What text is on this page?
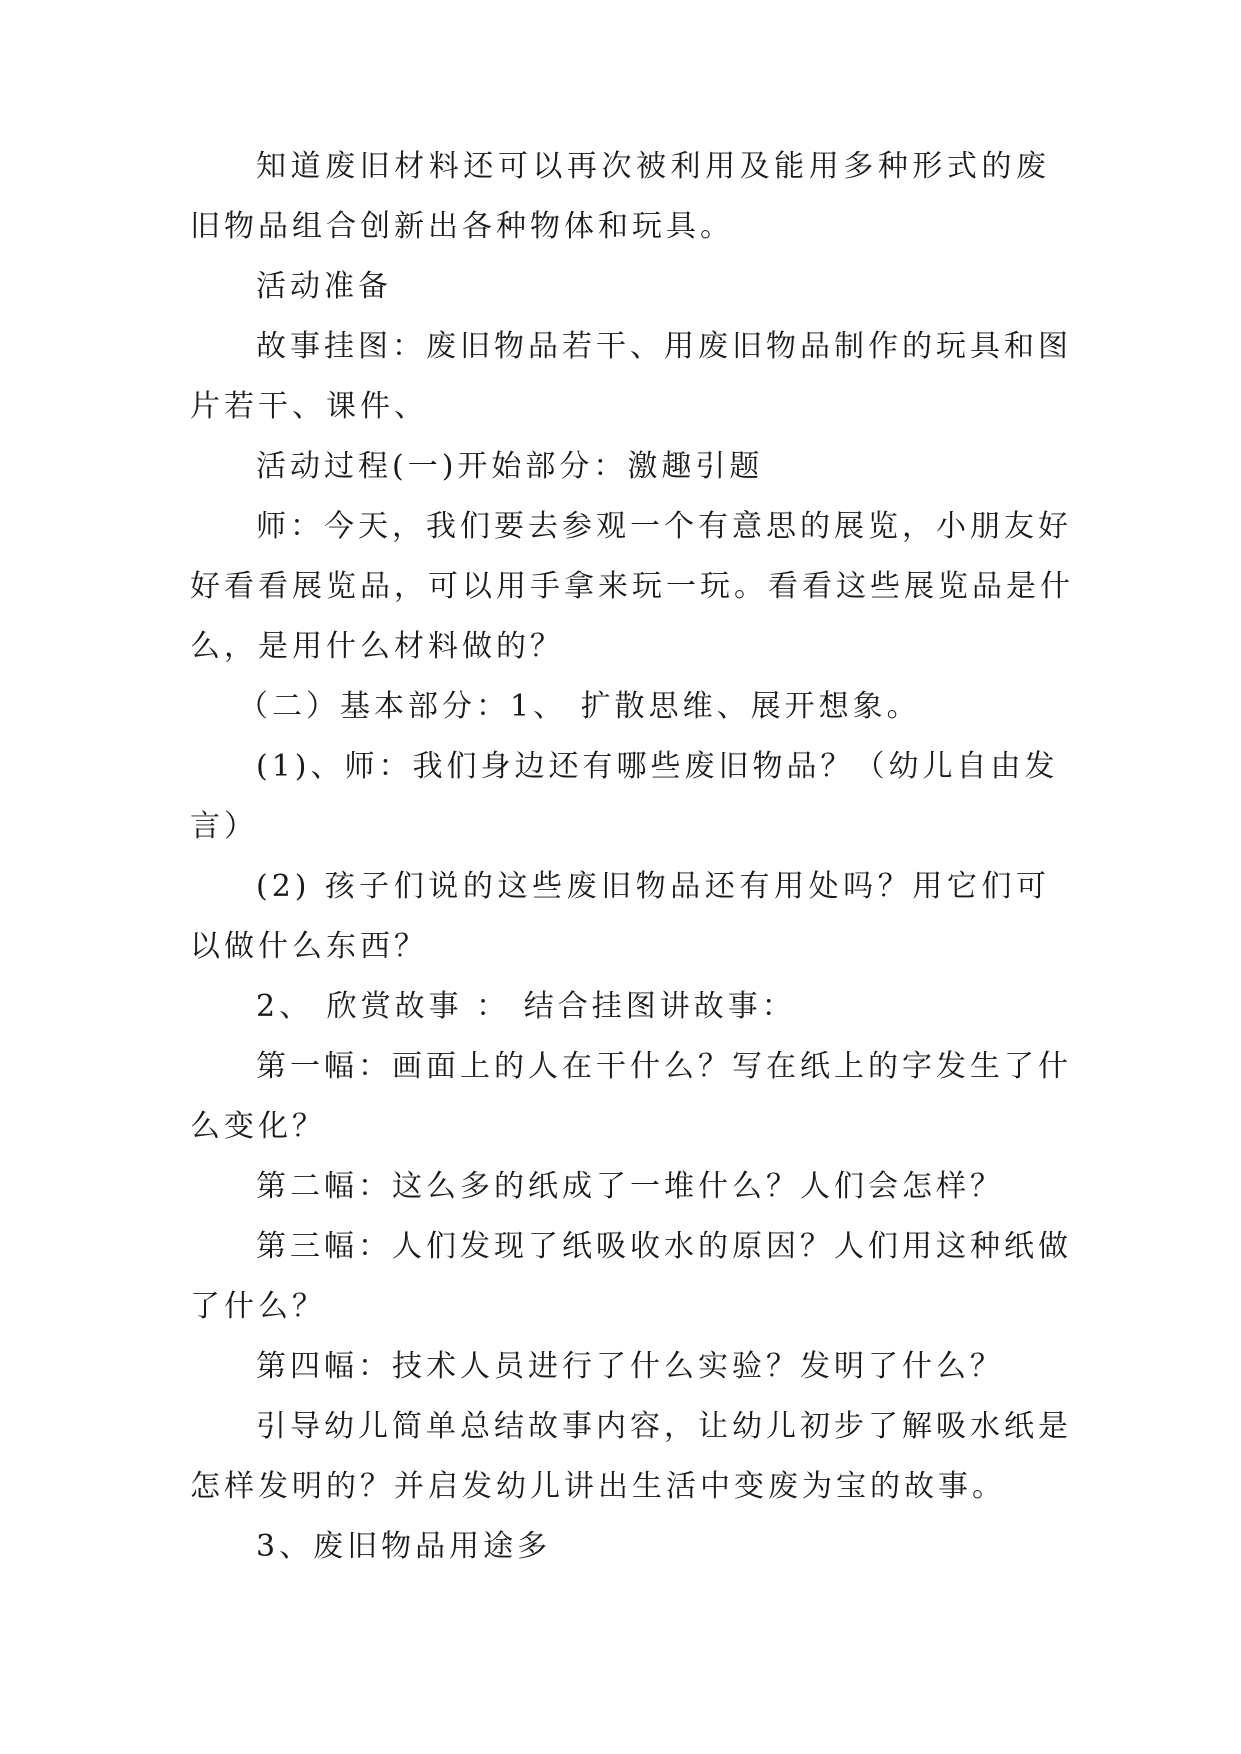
知道废旧材料还可以再次被利用及能用多种形式的废
旧物品组合创新出各种物体和玩具。
活动准备
故事挂图：废旧物品若干、用废旧物品制作的玩具和图
片若干、课件、
活动过程(一)开始部分：激趣引题
师：今天，我们要去参观一个有意思的展览，小朋友好
好看看展览品，可以用手拿来玩一玩。看看这些展览品是什
么，是用什么材料做的？
（二）基本部分：1、 扩散思维、展开想象。
(1)、师：我们身边还有哪些废旧物品？（幼儿自由发
言）
(2) 孩子们说的这些废旧物品还有用处吗？用它们可
以做什么东西？
2、 欣赏故事 ： 结合挂图讲故事：
第一幅：画面上的人在干什么？写在纸上的字发生了什
么变化？
第二幅：这么多的纸成了一堆什么？人们会怎样？
第三幅：人们发现了纸吸收水的原因？人们用这种纸做
了什么？
第四幅：技术人员进行了什么实验？发明了什么？
引导幼儿简单总结故事内容，让幼儿初步了解吸水纸是
怎样发明的？并启发幼儿讲出生活中变废为宝的故事。
3、废旧物品用途多
